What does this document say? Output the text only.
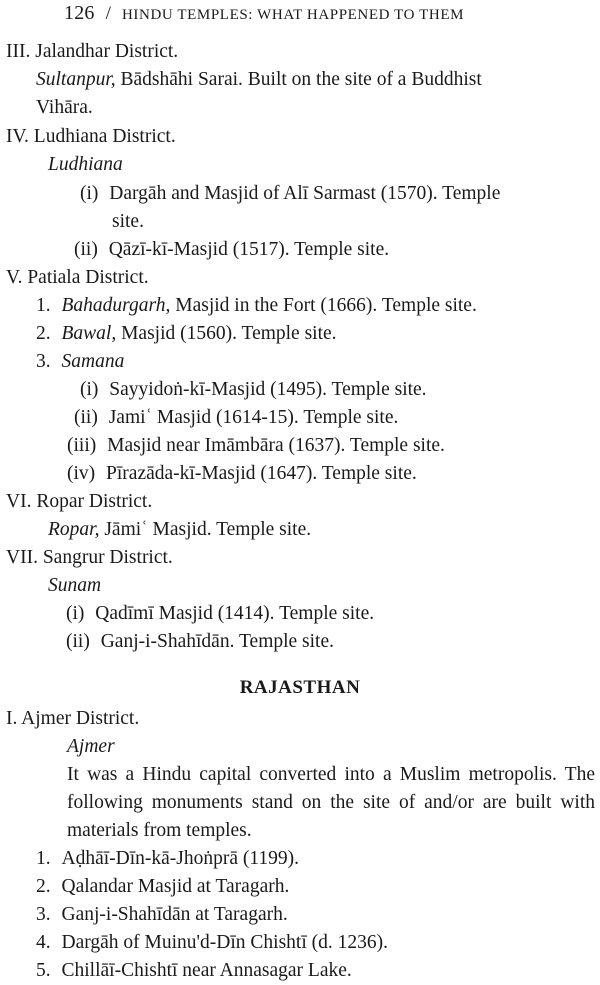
126 / HINDU TEMPLES: WHAT HAPPENED TO THEM
III. Jalandhar District.
Sultanpur, Bādshāhi Sarai. Built on the site of a Buddhist
Vihāra.
IV. Ludhiana District.
Ludhiana
(i) Dargāh and Masjid of Alī Sarmast (1570). Temple
site.
(ii) Qāzī-kī-Masjid (1517). Temple site.
V. Patiala District.
1. Bahadurgarh, Masjid in the Fort (1666). Temple site.
2. Bawal, Masjid (1560). Temple site.
3. Samana
(i) Sayyidoṅ-kī-Masjid (1495). Temple site.
(ii) Jamiʿ Masjid (1614-15). Temple site.
(iii) Masjid near Imāmbāra (1637). Temple site.
(iv) Pīrazāda-kī-Masjid (1647). Temple site.
VI. Ropar District.
Ropar, Jāmiʿ Masjid. Temple site.
VII. Sangrur District.
Sunam
(i) Qadīmī Masjid (1414). Temple site.
(ii) Ganj-i-Shahīdān. Temple site.
RAJASTHAN
I. Ajmer District.
Ajmer
It was a Hindu capital converted into a Muslim metropolis. The following monuments stand on the site of and/or are built with materials from temples.
1. Aḍhāī-Dīn-kā-Jhoṅprā (1199).
2. Qalandar Masjid at Taragarh.
3. Ganj-i-Shahīdān at Taragarh.
4. Dargāh of Muinu'd-Dīn Chishtī (d. 1236).
5. Chillāī-Chishtī near Annasagar Lake.
